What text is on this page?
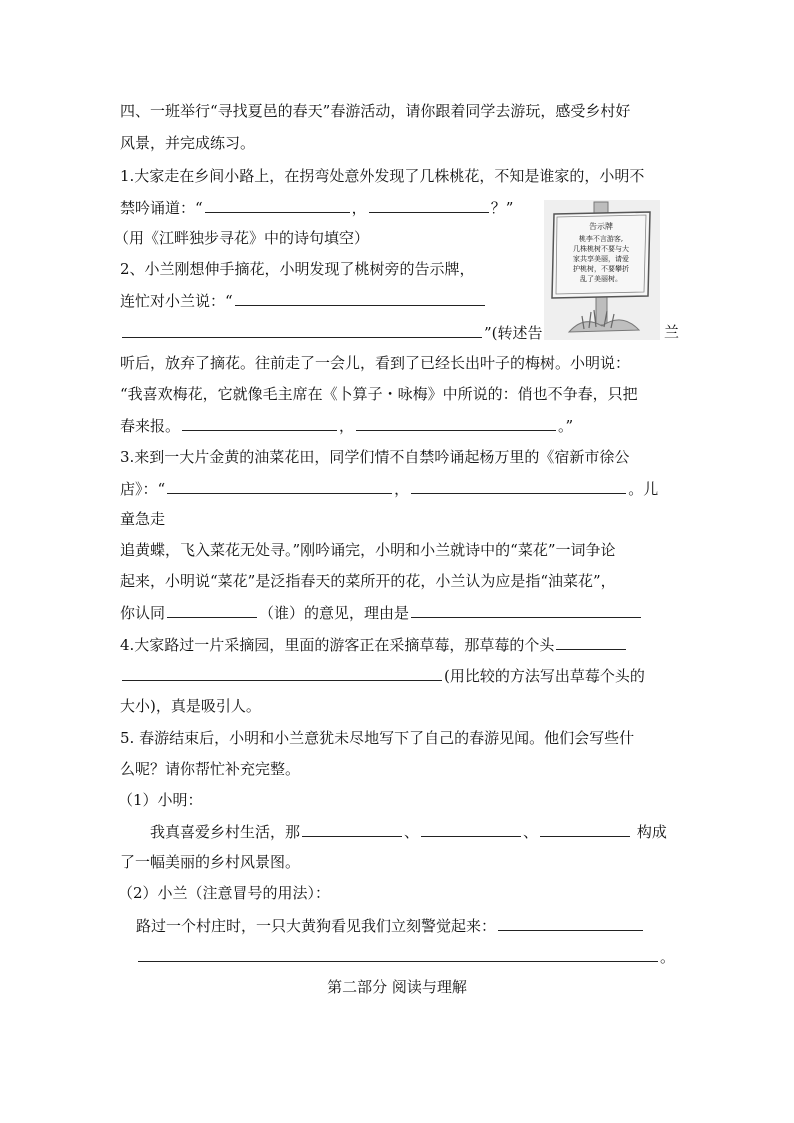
四、一班举行“寻找夏邑的春天”春游活动，请你跟着同学去游玩，感受乡村好
风景，并完成练习。
1.大家走在乡间小路上，在拐弯处意外发现了几株桃花，不知是谁家的，小明不
禁吟诵道：“	，	？”
（用《江畔独步寻花》中的诗句填空）
告示牌
桃李不言游客,
几株桃树不要与大
家共享美丽，请爱
护桃树，不要攀折
乱了美丽树。
2、小兰刚想伸手摘花，小明发现了桃树旁的告示牌，
连忙对小兰说：“
”(转述告	兰
听后，放弃了摘花。往前走了一会儿，看到了已经长出叶子的梅树。小明说：
“我喜欢梅花，它就像毛主席在《卜算子・咏梅》中所说的：俏也不争春，只把
春来报。	，	。”
3.来到一大片金黄的油菜花田，同学们情不自禁吟诵起杨万里的《宿新市徐公
店》：“	，	。儿
童急走
追黄蝶，飞入菜花无处寻。”刚吟诵完，小明和小兰就诗中的“菜花”一词争论
起来，小明说“菜花”是泛指春天的菜所开的花，小兰认为应是指“油菜花”，
你认同	（谁）的意见，理由是
4.大家路过一片采摘园，里面的游客正在采摘草莓，那草莓的个头
(用比较的方法写出草莓个头的
大小)，真是吸引人。
5. 春游结束后，小明和小兰意犹未尽地写下了自己的春游见闻。他们会写些什
么呢？请你帮忙补充完整。
（1）小明：
我真喜爱乡村生活，那	、	、	构成
了一幅美丽的乡村风景图。
（2）小兰（注意冒号的用法）：
路过一个村庄时，一只大黄狗看见我们立刻警觉起来：
。
第二部分 阅读与理解
